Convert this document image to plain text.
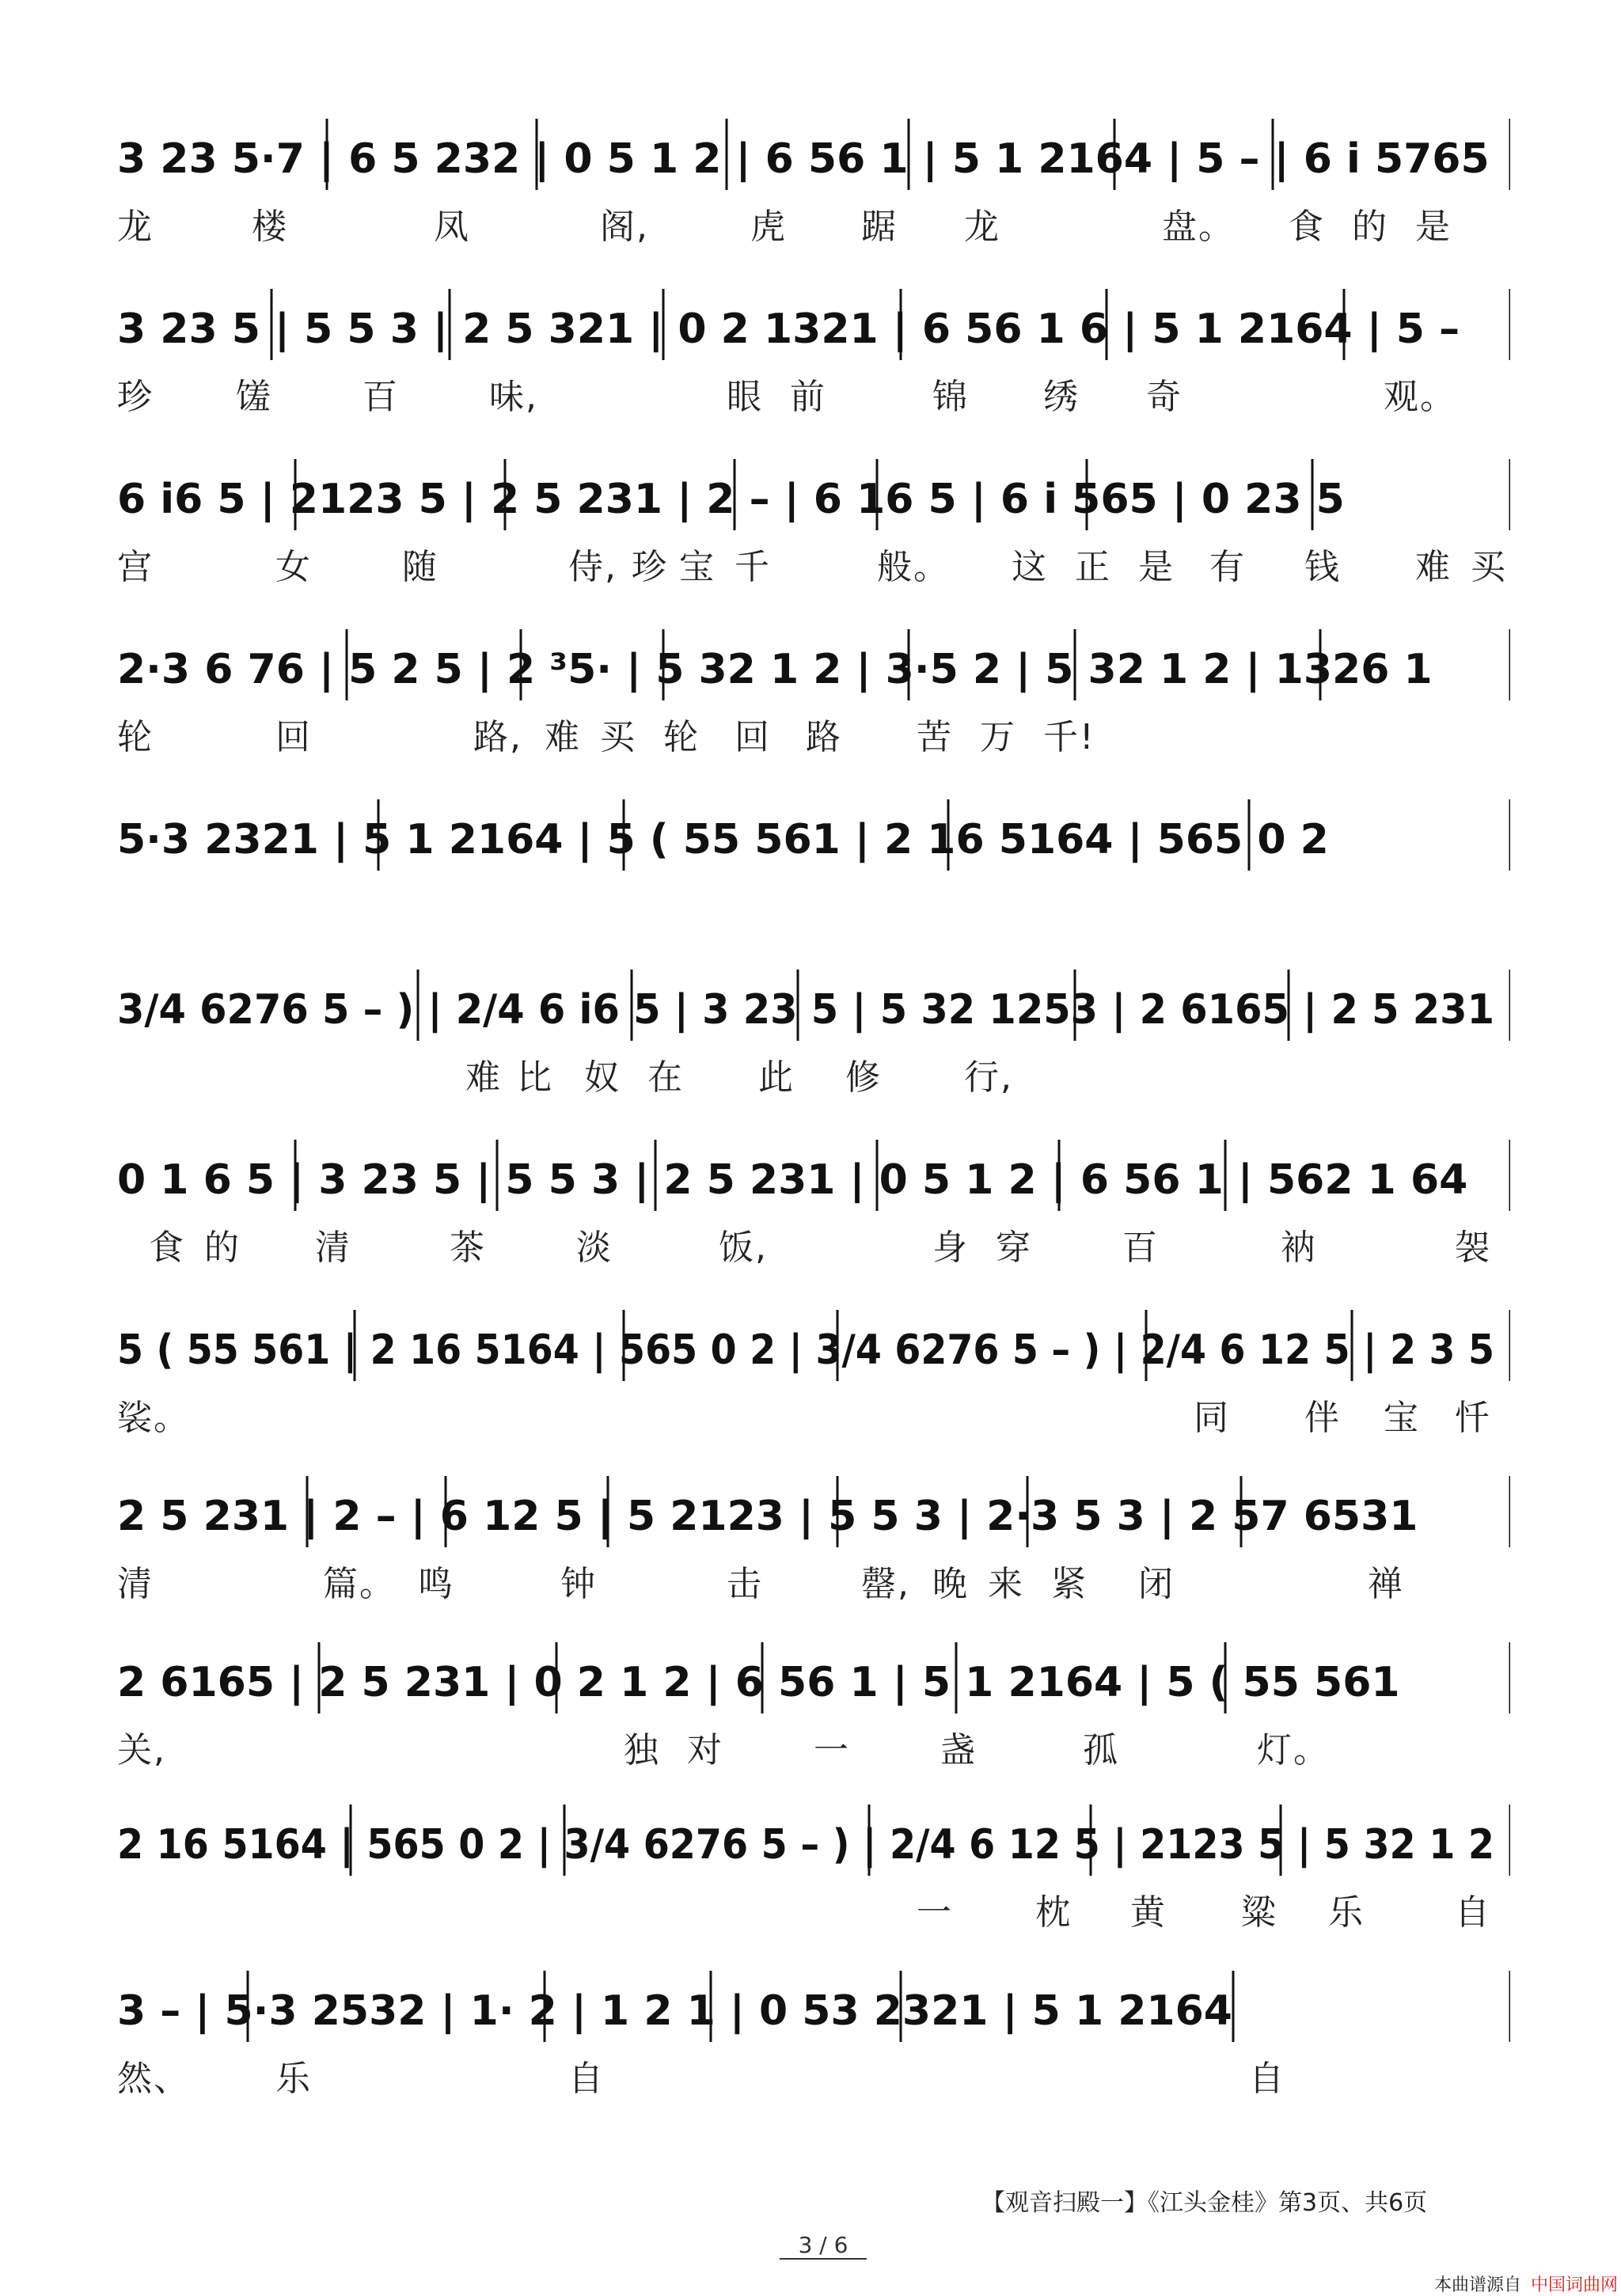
3 23 5·7 | 6 5 232 | 0 5 1 2 | 6 56 1 | 5 1 2164 | 5 – | 6 i 5765
龙	楼	凤	阁,	虎 踞 龙	盘。 食 的 是
3 23 5 | 5 5 3 | 2 5 321 | 0 2 1321 | 6 56 1 6 | 5 1 2164 | 5 –
珍 馐	百	味,	眼 前	锦 绣 奇	观。
6 i6 5 | 2123 5 | 2 5 231 | 2 – | 6 16 5 | 6 i 565 | 0 23 5
宫	女	随	侍, 珍 宝 千	般。 这 正 是 有 钱 难 买
2·3 6 76 | 5 2 5 | 2 ³5· | 5 32 1 2 | 3·5 2 | 5 32 1 2 | 1326 1
轮	回	路, 难 买 轮 回 路 苦 万 千!
5·3 2321 | 5 1 2164 | 5 ( 55 561 | 2 16 5164 | 565 0 2
3/4 6276 5 – ) | 2/4 6 i6 5 | 3 23 5 | 5 32 1253 | 2 6165 | 2 5 231
难 比 奴 在 此 修 行,
0 1 6 5 | 3 23 5 | 5 5 3 | 2 5 231 | 0 5 1 2 | 6 56 1 | 562 1 64
食 的 清	茶	淡	饭,	身 穿	百	衲	袈
5 ( 55 561 | 2 16 5164 | 565 0 2 | 3/4 6276 5 – ) | 2/4 6 12 5 | 2 3 5
裟。	同 伴 宝 忏
2 5 231 | 2 – | 6 12 5 | 5 2123 | 5 5 3 | 2·3 5 3 | 2 57 6531
清	篇。 鸣	钟	击	罄, 晚 来 紧 闭	禅
2 6165 | 2 5 231 | 0 2 1 2 | 6 56 1 | 5 1 2164 | 5 ( 55 561
关,	独 对	一	盏	孤	灯。
2 16 5164 | 565 0 2 | 3/4 6276 5 – ) | 2/4 6 12 5 | 2123 5 | 5 32 1 2
一 枕 黄 粱 乐	自
3 – | 5·3 2532 | 1· 2 | 1 2 1 | 0 53 2321 | 5 1 2164
然、 乐	自	自
【观音扫殿一】《江头金桂》第3页、共6页
3 / 6
本曲谱源自 中国词曲网
